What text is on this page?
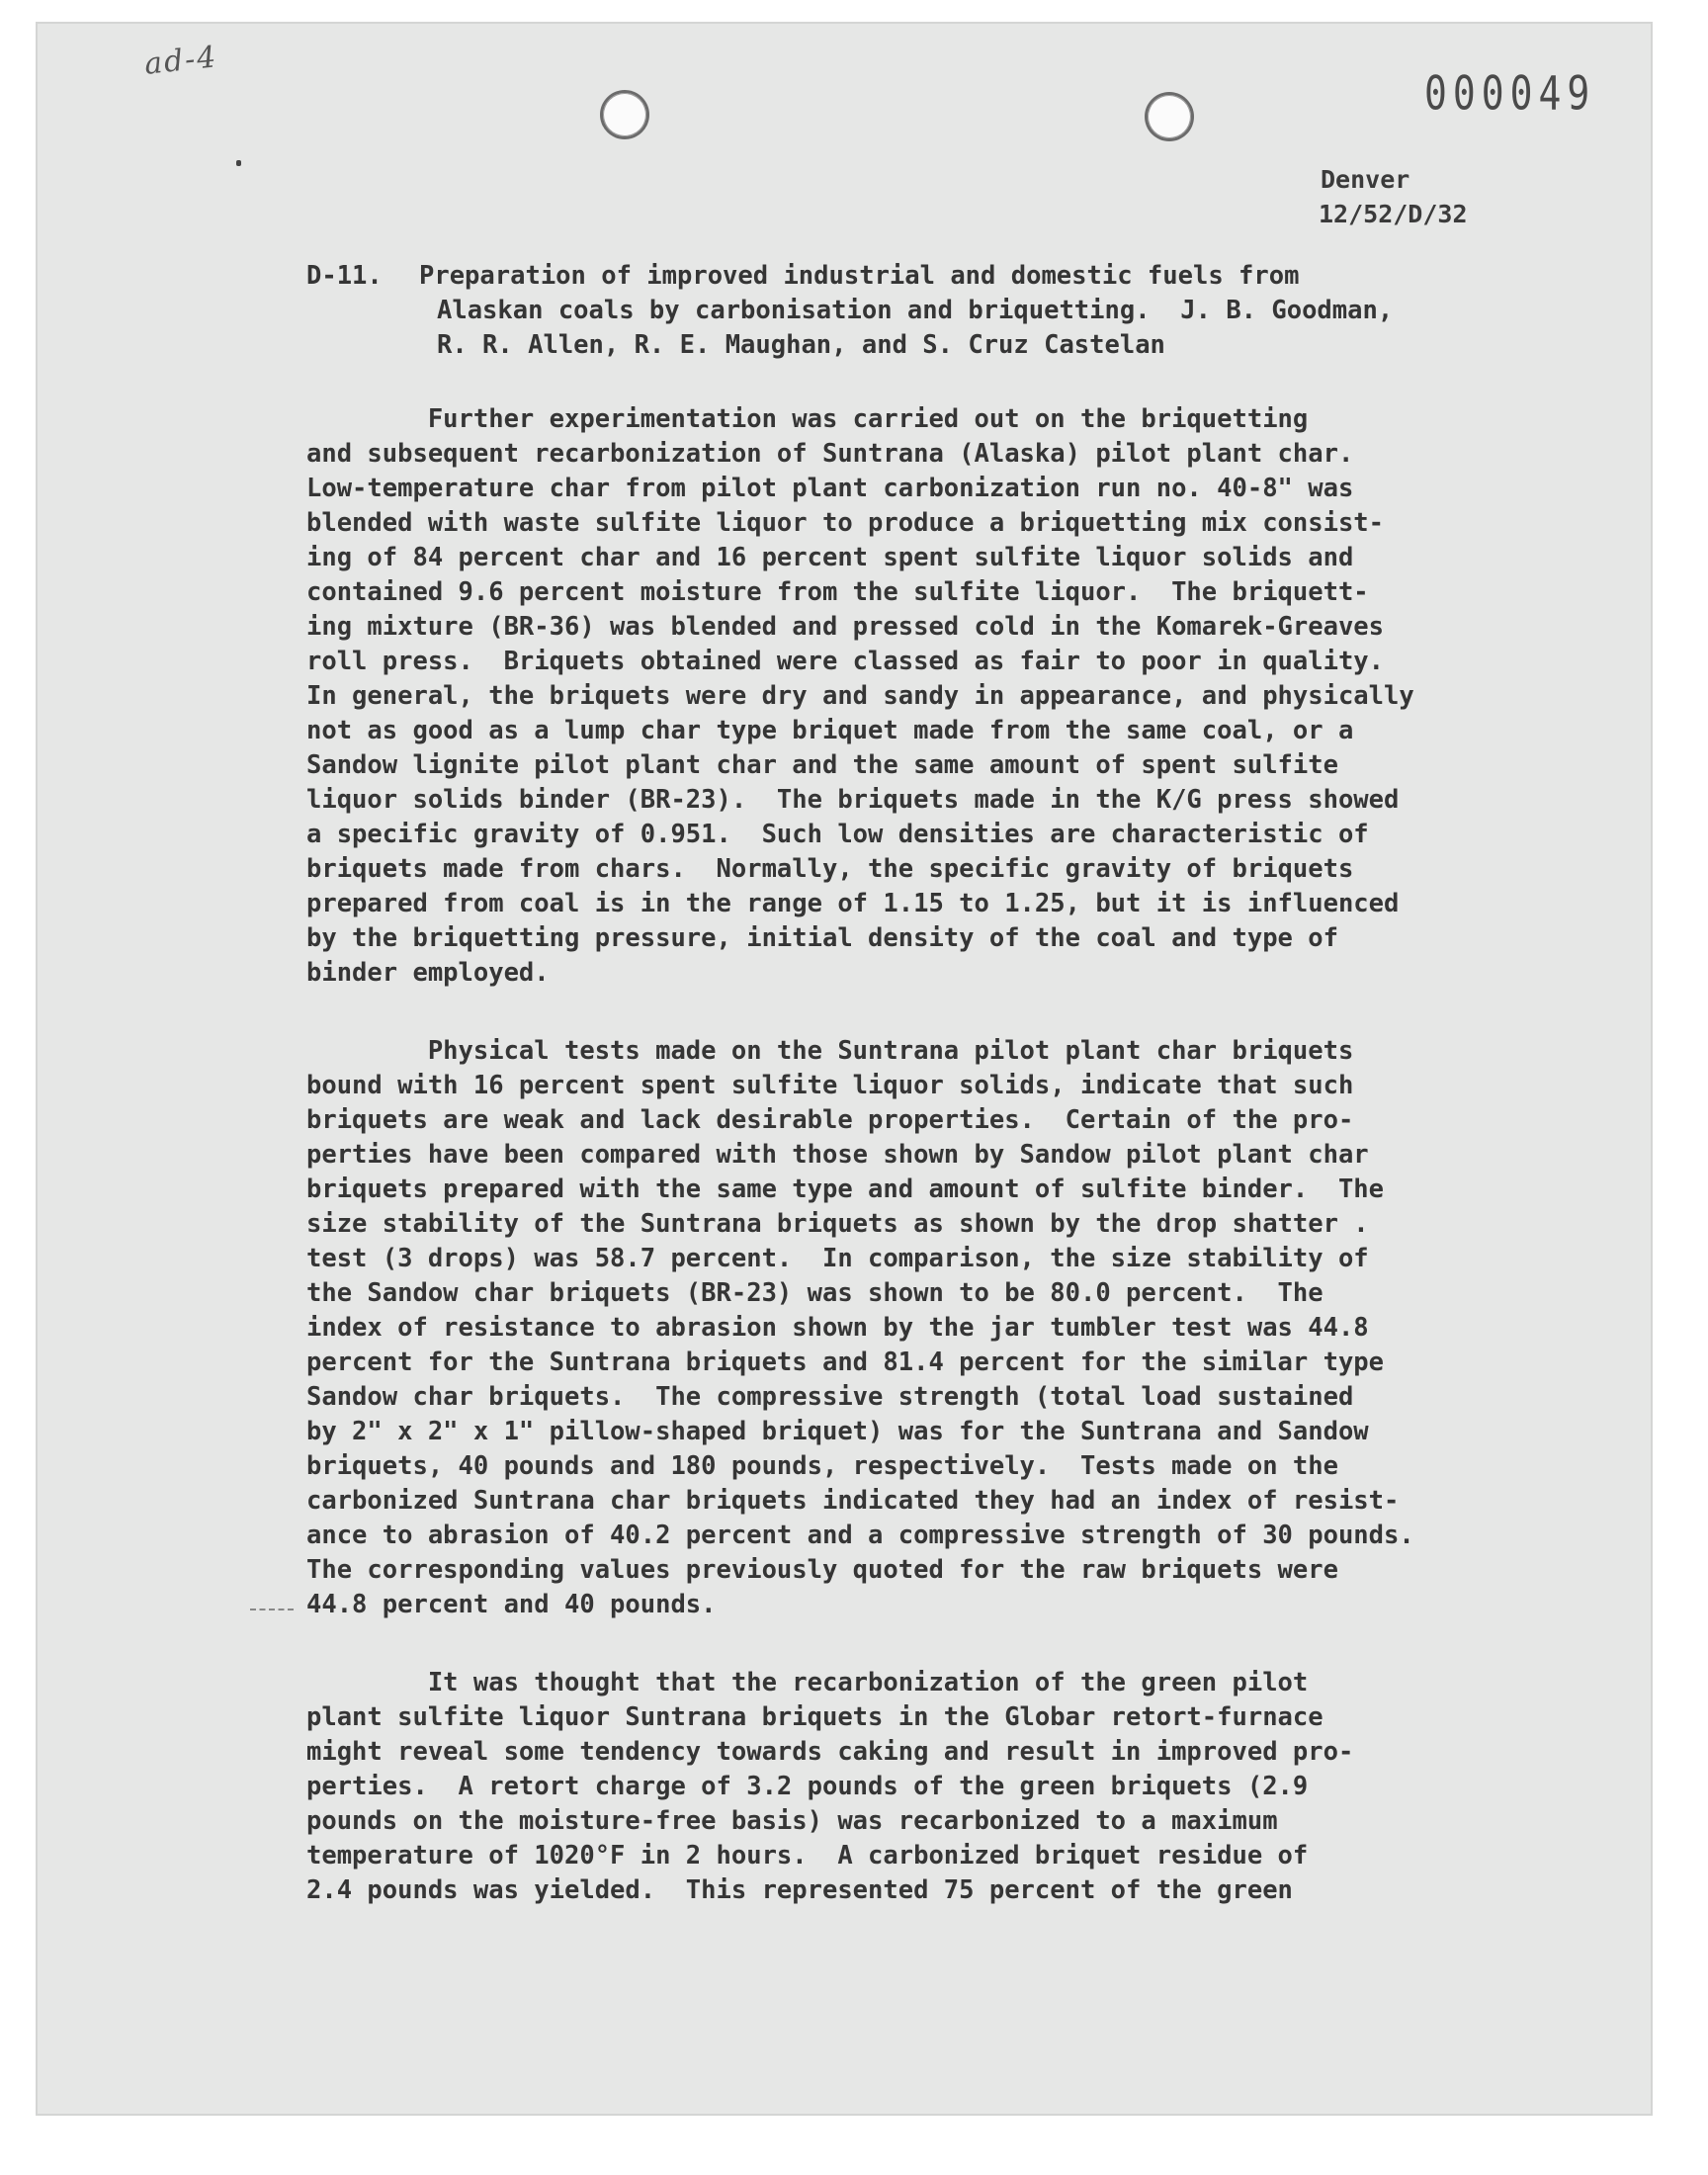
ad-4
000049
Denver
12/52/D/32
D-11. Preparation of improved industrial and domestic fuels from
Alaskan coals by carbonisation and briquetting.  J. B. Goodman,
R. R. Allen, R. E. Maughan, and S. Cruz Castelan
Further experimentation was carried out on the briquetting
and subsequent recarbonization of Suntrana (Alaska) pilot plant char.
Low-temperature char from pilot plant carbonization run no. 40-8" was
blended with waste sulfite liquor to produce a briquetting mix consist-
ing of 84 percent char and 16 percent spent sulfite liquor solids and
contained 9.6 percent moisture from the sulfite liquor.  The briquett-
ing mixture (BR-36) was blended and pressed cold in the Komarek-Greaves
roll press.  Briquets obtained were classed as fair to poor in quality.
In general, the briquets were dry and sandy in appearance, and physically
not as good as a lump char type briquet made from the same coal, or a
Sandow lignite pilot plant char and the same amount of spent sulfite
liquor solids binder (BR-23).  The briquets made in the K/G press showed
a specific gravity of 0.951.  Such low densities are characteristic of
briquets made from chars.  Normally, the specific gravity of briquets
prepared from coal is in the range of 1.15 to 1.25, but it is influenced
by the briquetting pressure, initial density of the coal and type of
binder employed.
Physical tests made on the Suntrana pilot plant char briquets
bound with 16 percent spent sulfite liquor solids, indicate that such
briquets are weak and lack desirable properties.  Certain of the pro-
perties have been compared with those shown by Sandow pilot plant char
briquets prepared with the same type and amount of sulfite binder.  The
size stability of the Suntrana briquets as shown by the drop shatter .
test (3 drops) was 58.7 percent.  In comparison, the size stability of
the Sandow char briquets (BR-23) was shown to be 80.0 percent.  The
index of resistance to abrasion shown by the jar tumbler test was 44.8
percent for the Suntrana briquets and 81.4 percent for the similar type
Sandow char briquets.  The compressive strength (total load sustained
by 2" x 2" x 1" pillow-shaped briquet) was for the Suntrana and Sandow
briquets, 40 pounds and 180 pounds, respectively.  Tests made on the
carbonized Suntrana char briquets indicated they had an index of resist-
ance to abrasion of 40.2 percent and a compressive strength of 30 pounds.
The corresponding values previously quoted for the raw briquets were
44.8 percent and 40 pounds.
It was thought that the recarbonization of the green pilot
plant sulfite liquor Suntrana briquets in the Globar retort-furnace
might reveal some tendency towards caking and result in improved pro-
perties.  A retort charge of 3.2 pounds of the green briquets (2.9
pounds on the moisture-free basis) was recarbonized to a maximum
temperature of 1020°F in 2 hours.  A carbonized briquet residue of
2.4 pounds was yielded.  This represented 75 percent of the green
